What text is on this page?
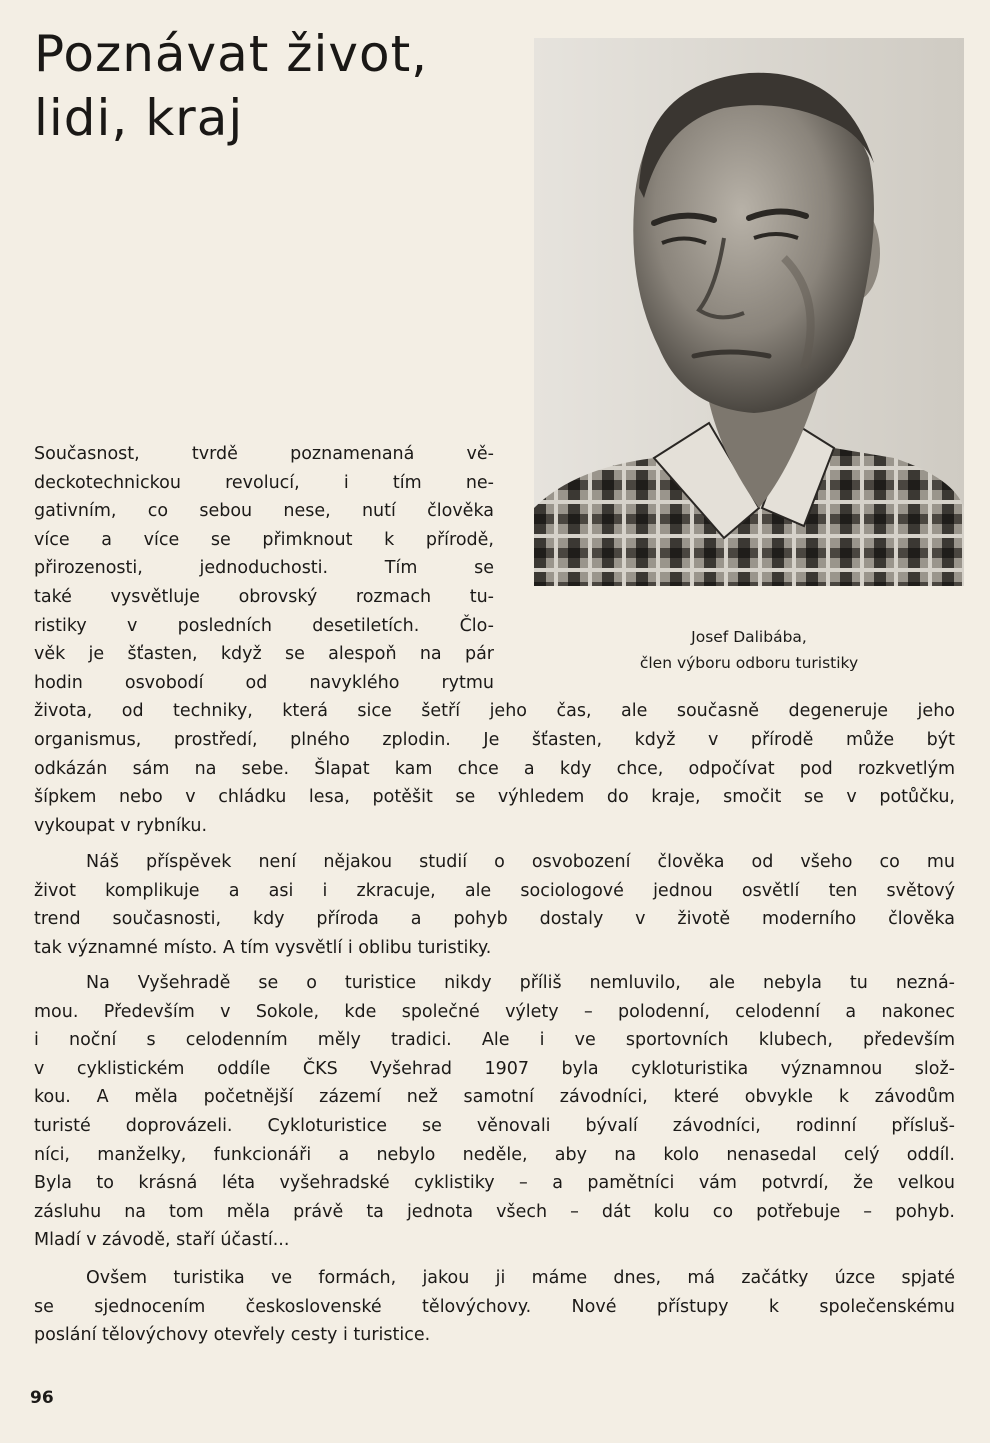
Poznávat život,
lidi, kraj
Josef Dalibába,
člen výboru odboru turistiky
Současnost, tvrdě poznamenaná vě-
deckotechnickou revolucí, i tím ne-
gativním, co sebou nese, nutí člověka
více a více se přimknout k přírodě,
přirozenosti, jednoduchosti. Tím se
také vysvětluje obrovský rozmach tu-
ristiky v posledních desetiletích. Člo-
věk je šťasten, když se alespoň na pár
hodin osvobodí od navyklého rytmu
života, od techniky, která sice šetří jeho čas, ale současně degeneruje jeho
organismus, prostředí, plného zplodin. Je šťasten, když v přírodě může být
odkázán sám na sebe. Šlapat kam chce a kdy chce, odpočívat pod rozkvetlým
šípkem nebo v chládku lesa, potěšit se výhledem do kraje, smočit se v potůčku,
vykoupat v rybníku.
Náš příspěvek není nějakou studií o osvobození člověka od všeho co mu
život komplikuje a asi i zkracuje, ale sociologové jednou osvětlí ten světový
trend současnosti, kdy příroda a pohyb dostaly v životě moderního člověka
tak významné místo. A tím vysvětlí i oblibu turistiky.
Na Vyšehradě se o turistice nikdy příliš nemluvilo, ale nebyla tu nezná-
mou. Především v Sokole, kde společné výlety – polodenní, celodenní a nakonec
i noční s celodenním měly tradici. Ale i ve sportovních klubech, především
v cyklistickém oddíle ČKS Vyšehrad 1907 byla cykloturistika významnou slož-
kou. A měla početnější zázemí než samotní závodníci, které obvykle k závodům
turisté doprovázeli. Cykloturistice se věnovali bývalí závodníci, rodinní přísluš-
níci, manželky, funkcionáři a nebylo neděle, aby na kolo nenasedal celý oddíl.
Byla to krásná léta vyšehradské cyklistiky – a pamětníci vám potvrdí, že velkou
zásluhu na tom měla právě ta jednota všech – dát kolu co potřebuje – pohyb.
Mladí v závodě, staří účastí...
Ovšem turistika ve formách, jakou ji máme dnes, má začátky úzce spjaté
se sjednocením československé tělovýchovy. Nové přístupy k společenskému
poslání tělovýchovy otevřely cesty i turistice.
96
